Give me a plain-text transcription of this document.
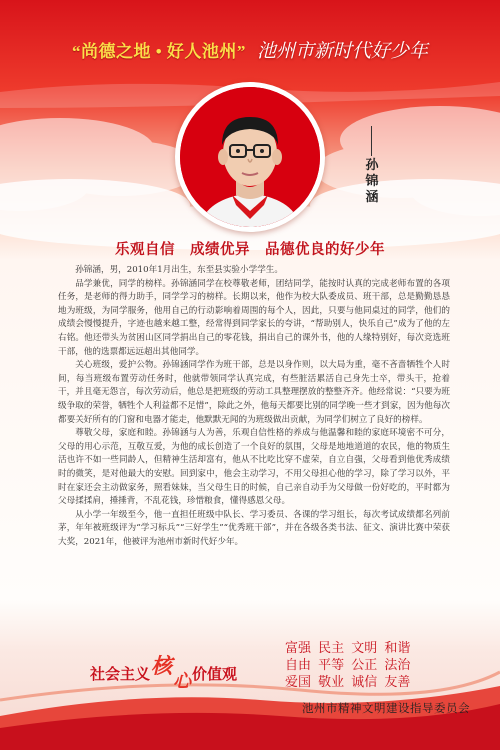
“尚德之地 • 好人池州” 池州市新时代好少年
孙锦涵
乐观自信　成绩优异　品德优良的好少年

孙锦涵，男，2010年1月出生，东至县实验小学学生。

品学兼优，同学的榜样。孙锦涵同学在校尊敬老师，团结同学，能按时认真的完成老师布置的各项任务，是老师的得力助手，同学学习的榜样。长期以来，他作为校大队委成员、班干部，总是勤勤恳恳地为班级，为同学服务，他用自己的行动影响着周围的每个人，因此，只要与他同桌过的同学，他们的成绩会慢慢提升，字迹也越来越工整，经常得到同学家长的夸讲，“帮助别人，快乐自己”成为了他的左右铭。他还带头为贫困山区同学捐出自己的零花钱，捐出自己的课外书，他的人缘特别好，每次竞选班干部，他的选票都远远超出其他同学。

关心班级，爱护公物。孙锦涵同学作为班干部，总是以身作则，以大局为重，毫不吝啬牺牲个人时间，每当班级布置劳动任务时，他就带领同学认真完成，有些脏活累活自己身先士卒，带头干，抢着干，并且毫无怨言，每次劳动后，他总是把班级的劳动工具整理摆放的整整齐齐。他经常说：“只要为班级争取的荣誉，牺牲个人利益都不足惜”，除此之外，他每天都要比别的同学晚一些才到家，因为他每次都要关好所有的门窗和电器才能走，他默默无闻的为班级做出贡献，为同学们树立了良好的榜样。

尊敬父母，家庭和睦。孙锦涵与人为善，乐观自信性格的养成与他温馨和睦的家庭环境密不可分，父母的用心示范，互敬互爱，为他的成长创造了一个良好的氛围，父母是地地道道的农民，他的物质生活也许不如一些同龄人，但精神生活却富有，他从不比吃比穿不虚荣，自立自强，父母看到他优秀成绩时的微笑，是对他最大的安慰。回到家中，他会主动学习，不用父母担心他的学习，除了学习以外，平时在家还会主动做家务，照看妹妹，当父母生日的时候，自己亲自动手为父母做一份好吃的，平时都为父母揉揉肩，捶捶背，不乱花钱，珍惜粮食，懂得感恩父母。

从小学一年级至今，他一直担任班级中队长、学习委员、各课的学习组长，每次考试成绩都名列前茅，年年被班级评为“学习标兵”“三好学生”“优秀班干部”，并在各级各类书法、征文、演讲比赛中荣获大奖，2021年，他被评为池州市新时代好少年。

社会主义核心价值观
富强 民主 文明 和谐
自由 平等 公正 法治
爱国 敬业 诚信 友善
池州市精神文明建设指导委员会
